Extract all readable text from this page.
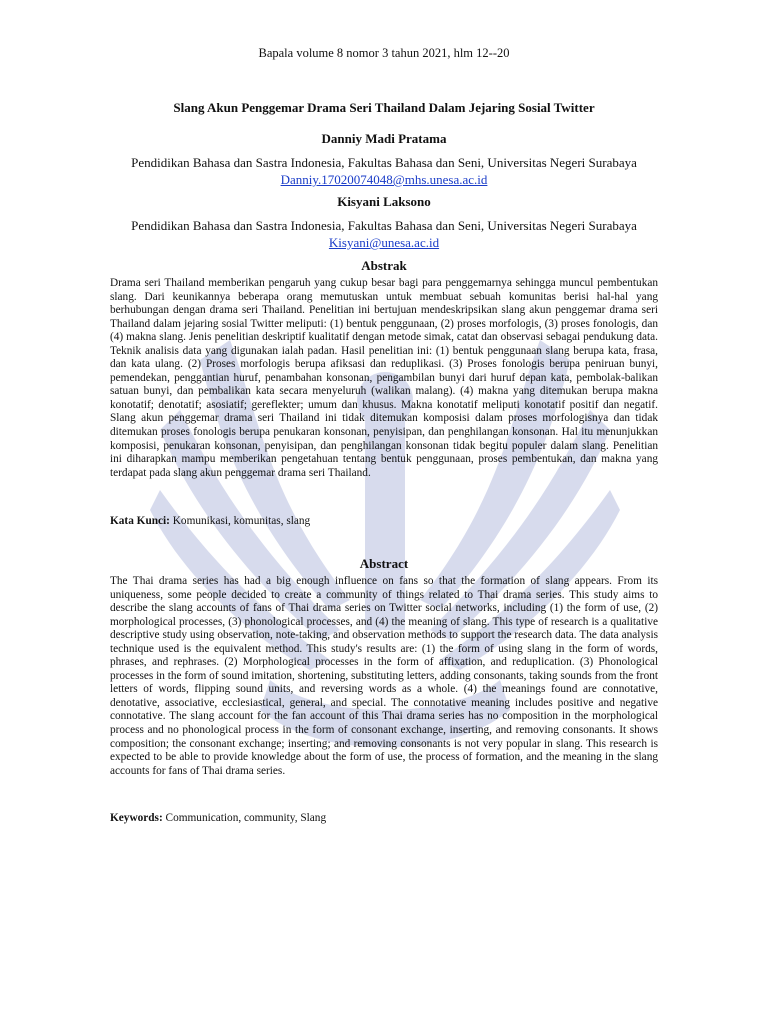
Bapala volume 8 nomor 3 tahun 2021, hlm 12--20
Slang Akun Penggemar Drama Seri Thailand Dalam Jejaring Sosial Twitter
Danniy Madi Pratama
Pendidikan Bahasa dan Sastra Indonesia, Fakultas Bahasa dan Seni, Universitas Negeri Surabaya
Danniy.17020074048@mhs.unesa.ac.id
Kisyani Laksono
Pendidikan Bahasa dan Sastra Indonesia, Fakultas Bahasa dan Seni, Universitas Negeri Surabaya
Kisyani@unesa.ac.id
Abstrak
Drama seri Thailand memberikan pengaruh yang cukup besar bagi para penggemarnya sehingga muncul pembentukan slang. Dari keunikannya beberapa orang memutuskan untuk membuat sebuah komunitas berisi hal-hal yang berhubungan dengan drama seri Thailand. Penelitian ini bertujuan mendeskripsikan slang akun penggemar drama seri Thailand dalam jejaring sosial Twitter meliputi: (1) bentuk penggunaan, (2) proses morfologis, (3) proses fonologis, dan (4) makna slang. Jenis penelitian deskriptif kualitatif dengan metode simak, catat dan observasi sebagai pendukung data. Teknik analisis data yang digunakan ialah padan. Hasil penelitian ini: (1) bentuk penggunaan slang berupa kata, frasa, dan kata ulang. (2) Proses morfologis berupa afiksasi dan reduplikasi. (3) Proses fonologis berupa peniruan bunyi, pemendekan, penggantian huruf, penambahan konsonan, pengambilan bunyi dari huruf depan kata, pembolak-balikan satuan bunyi, dan pembalikan kata secara menyeluruh (walikan malang). (4) makna yang ditemukan berupa makna konotatif; denotatif; asosiatif; gereflekter; umum dan khusus. Makna konotatif meliputi konotatif positif dan negatif. Slang akun penggemar drama seri Thailand ini tidak ditemukan komposisi dalam proses morfologisnya dan tidak ditemukan proses fonologis berupa penukaran konsonan, penyisipan, dan penghilangan konsonan. Hal itu menunjukkan komposisi, penukaran konsonan, penyisipan, dan penghilangan konsonan tidak begitu populer dalam slang. Penelitian ini diharapkan mampu memberikan pengetahuan tentang bentuk penggunaan, proses pembentukan, dan makna yang terdapat pada slang akun penggemar drama seri Thailand.
Kata Kunci: Komunikasi, komunitas, slang
Abstract
The Thai drama series has had a big enough influence on fans so that the formation of slang appears. From its uniqueness, some people decided to create a community of things related to Thai drama series. This study aims to describe the slang accounts of fans of Thai drama series on Twitter social networks, including (1) the form of use, (2) morphological processes, (3) phonological processes, and (4) the meaning of slang. This type of research is a qualitative descriptive study using observation, note-taking, and observation methods to support the research data. The data analysis technique used is the equivalent method. This study's results are: (1) the form of using slang in the form of words, phrases, and rephrases. (2) Morphological processes in the form of affixation, and reduplication. (3) Phonological processes in the form of sound imitation, shortening, substituting letters, adding consonants, taking sounds from the front letters of words, flipping sound units, and reversing words as a whole. (4) the meanings found are connotative, denotative, associative, ecclesiastical, general, and special. The connotative meaning includes positive and negative connotative. The slang account for the fan account of this Thai drama series has no composition in the morphological process and no phonological process in the form of consonant exchange, inserting, and removing consonants. It shows composition; the consonant exchange; inserting; and removing consonants is not very popular in slang. This research is expected to be able to provide knowledge about the form of use, the process of formation, and the meaning in the slang accounts for fans of Thai drama series.
Keywords: Communication, community, Slang
